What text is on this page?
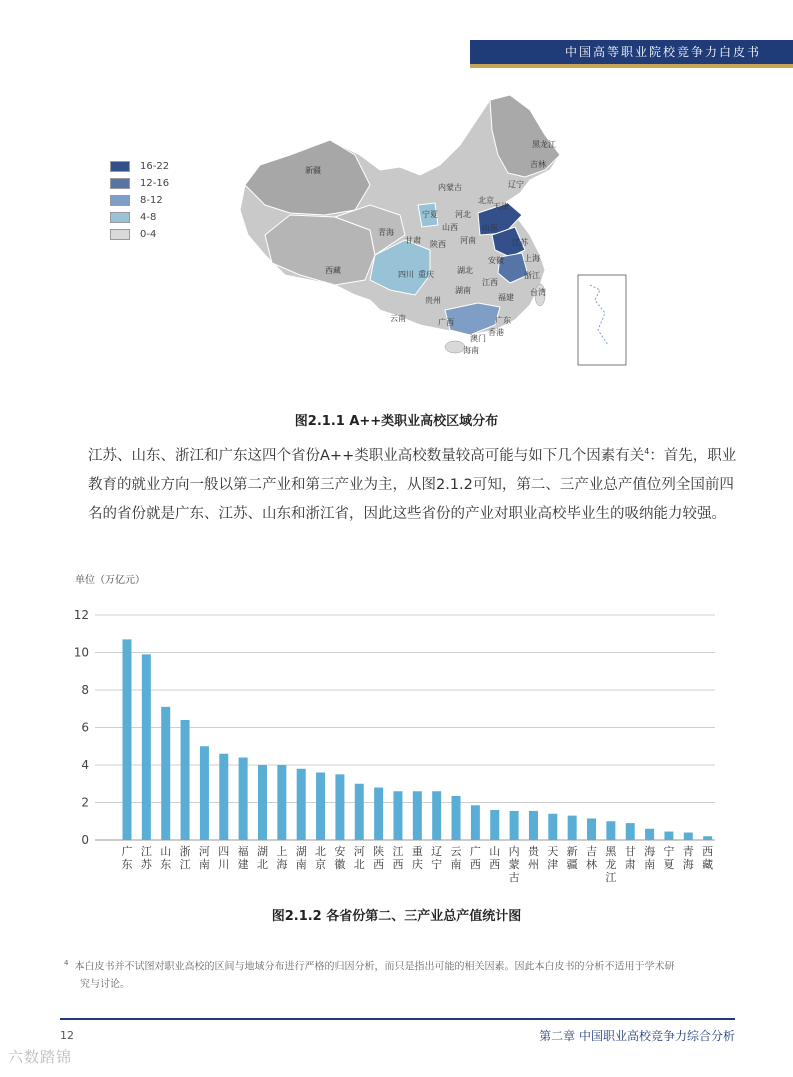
中国高等职业院校竞争力白皮书
新疆
西藏
青海
甘肃
宁夏
内蒙古
黑龙江
吉林
辽宁
北京
天津
河北
山西
陕西
四川 重庆
云南
贵州
广西	广东
湖南
湖北
河南
山东
江苏
安徽	上海
浙江
江西
福建
台湾
香港
澳门
海南
16-22
12-16
8-12
4-8
0-4
图2.1.1 A++类职业高校区域分布
江苏、山东、浙江和广东这四个省份A++类职业高校数量较高可能与如下几个因素有关$^4$：首先，职业教育的就业方向一般以第二产业和第三产业为主，从图2.1.2可知，第二、三产业总产值位列全国前四名的省份就是广东、江苏、山东和浙江省，因此这些省份的产业对职业高校毕业生的吸纳能力较强。
单位（万亿元）
0
2
4
6
8
10
12
广
东
江
苏
山
东
浙
江
河
南
四
川
福
建
湖
北
上
海
湖
南
北
京
安
徽
河
北
陕
西
江
西
重
庆
辽
宁
云
南
广
西
山
西
内
蒙
古
贵
州
天
津
新
疆
吉
林
黑
龙
江
甘
肃
海
南
宁
夏
青
海
西
藏
图2.1.2 各省份第二、三产业总产值统计图
$^4$ 本白皮书并不试图对职业高校的区间与地域分布进行严格的归因分析，而只是指出可能的相关因素。因此本白皮书的分析不适用于学术研
究与讨论。
12	第二章 中国职业高校竞争力综合分析
六数踏锦
